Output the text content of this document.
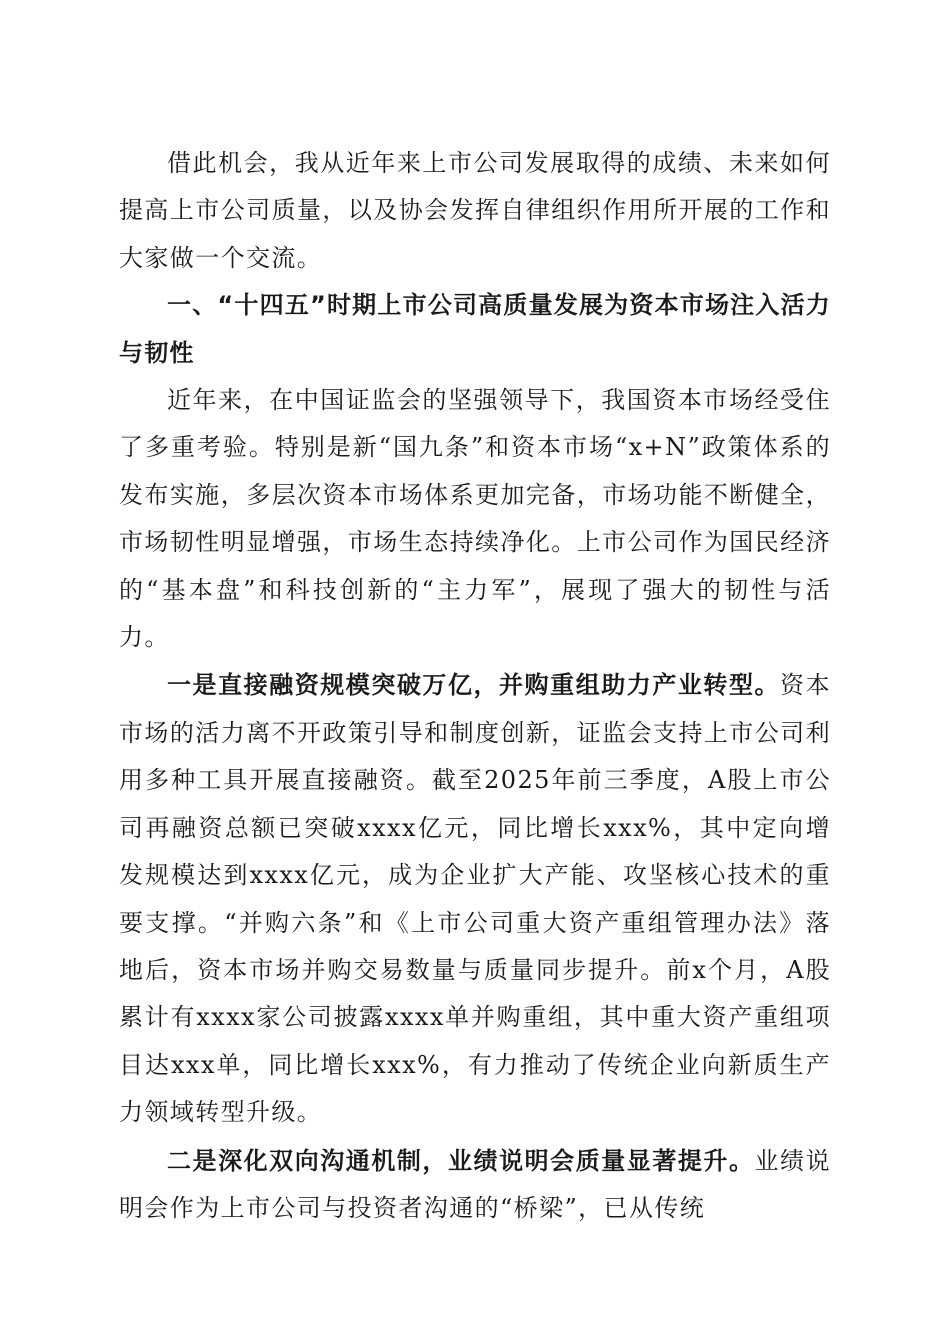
借此机会，我从近年来上市公司发展取得的成绩、未来如何提高上市公司质量，以及协会发挥自律组织作用所开展的工作和大家做一个交流。

一、“十四五”时期上市公司高质量发展为资本市场注入活力与韧性

近年来，在中国证监会的坚强领导下，我国资本市场经受住了多重考验。特别是新“国九条”和资本市场“x+N”政策体系的发布实施，多层次资本市场体系更加完备，市场功能不断健全，市场韧性明显增强，市场生态持续净化。上市公司作为国民经济的“基本盘”和科技创新的“主力军”，展现了强大的韧性与活力。

一是直接融资规模突破万亿，并购重组助力产业转型。资本市场的活力离不开政策引导和制度创新，证监会支持上市公司利用多种工具开展直接融资。截至2025年前三季度，A股上市公司再融资总额已突破xxxx亿元，同比增长xxx%，其中定向增发规模达到xxxx亿元，成为企业扩大产能、攻坚核心技术的重要支撑。“并购六条”和《上市公司重大资产重组管理办法》落地后，资本市场并购交易数量与质量同步提升。前x个月，A股累计有xxxx家公司披露xxxx单并购重组，其中重大资产重组项目达xxx单，同比增长xxx%，有力推动了传统企业向新质生产力领域转型升级。

二是深化双向沟通机制，业绩说明会质量显著提升。业绩说明会作为上市公司与投资者沟通的“桥梁”，已从传统
